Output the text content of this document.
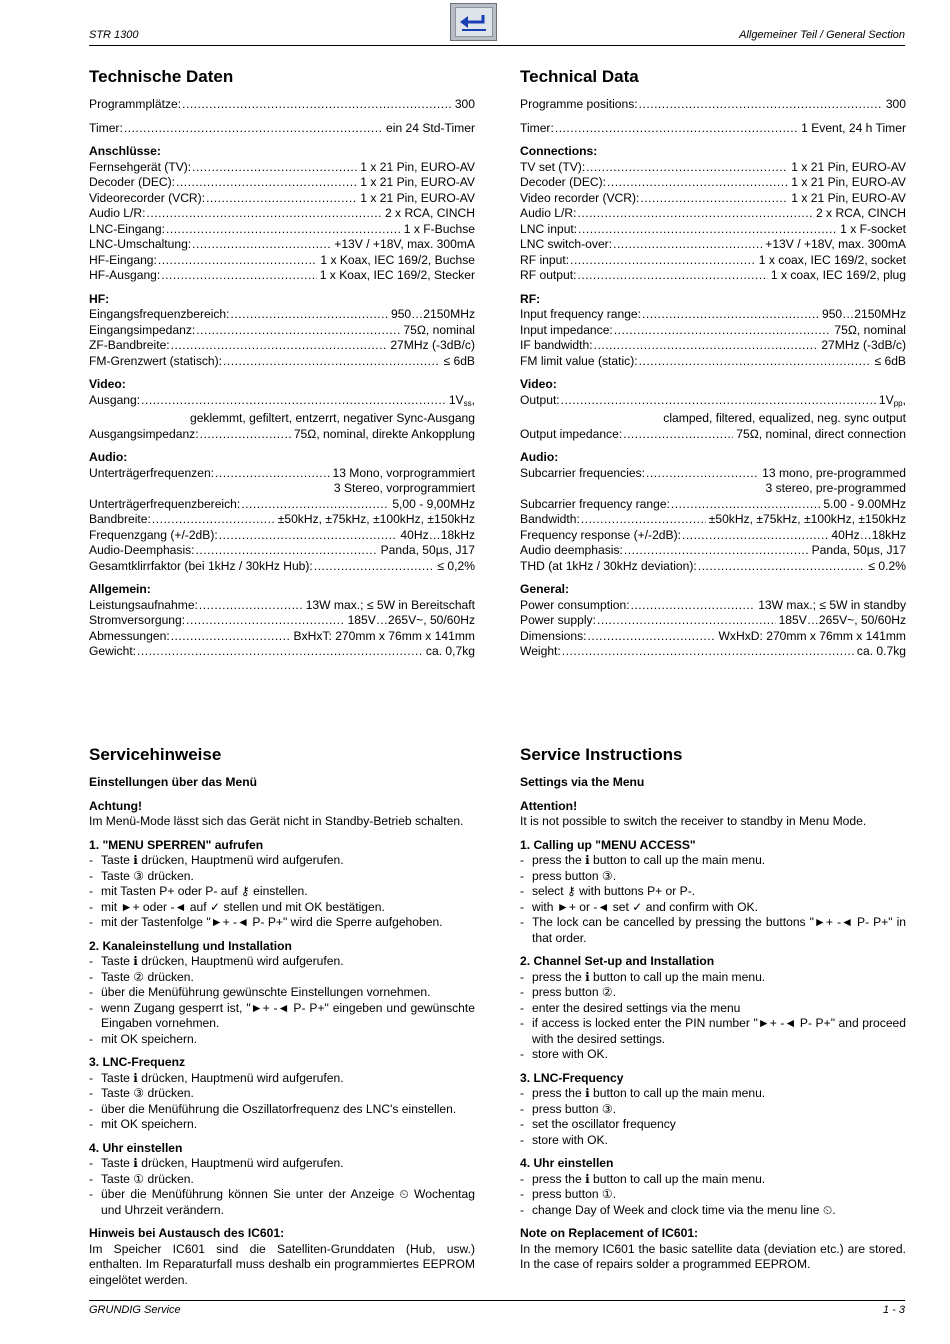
STR 1300	Allgemeiner Teil / General Section
Technische Daten
Programmplätze: .....	300
Timer: .....	ein 24 Std-Timer
Anschlüsse:
Fernsehgerät (TV): .....	1 x 21 Pin, EURO-AV
Decoder (DEC): .....	1 x 21 Pin, EURO-AV
Videorecorder (VCR): .....	1 x 21 Pin, EURO-AV
Audio L/R: .....	2 x RCA, CINCH
LNC-Eingang: .....	1 x F-Buchse
LNC-Umschaltung: .....	+13V / +18V, max. 300mA
HF-Eingang: .....	1 x Koax, IEC 169/2, Buchse
HF-Ausgang: .....	1 x Koax, IEC 169/2, Stecker
HF:
Eingangsfrequenzbereich: .....	950…2150MHz
Eingangsimpedanz: .....	75Ω, nominal
ZF-Bandbreite: .....	27MHz (-3dB/c)
FM-Grenzwert (statisch): .....	≤ 6dB
Video:
Ausgang: .....	$1V_{ss}$,
geklemmt, gefiltert, entzerrt, negativer Sync-Ausgang
Ausgangsimpedanz: .....	75Ω, nominal, direkte Ankopplung
Audio:
Unterträgerfrequenzen: .....	13 Mono, vorprogrammiert
3 Stereo, vorprogrammiert
Unterträgerfrequenzbereich: .....	5,00 - 9,00MHz
Bandbreite: .....	±50kHz, ±75kHz, ±100kHz, ±150kHz
Frequenzgang (+/-2dB): .....	40Hz…18kHz
Audio-Deemphasis: .....	Panda, 50µs, J17
Gesamtklirrfaktor (bei 1kHz / 30kHz Hub): .....	≤ 0,2%
Allgemein:
Leistungsaufnahme: .....	13W max.; ≤ 5W in Bereitschaft
Stromversorgung: .....	185V…265V~, 50/60Hz
Abmessungen: .....	BxHxT: 270mm x 76mm x 141mm
Gewicht: .....	ca. 0,7kg
Technical Data
Programme positions: .....	300
Timer: .....	1 Event, 24 h Timer
Connections:
TV set (TV): .....	1 x 21 Pin, EURO-AV
Decoder (DEC): .....	1 x 21 Pin, EURO-AV
Video recorder (VCR): .....	1 x 21 Pin, EURO-AV
Audio L/R: .....	2 x RCA, CINCH
LNC input: .....	1 x F-socket
LNC switch-over: .....	+13V / +18V, max. 300mA
RF input: .....	1 x coax, IEC 169/2, socket
RF output: .....	1 x coax, IEC 169/2, plug
RF:
Input frequency range: .....	950…2150MHz
Input impedance: .....	75Ω, nominal
IF bandwidth: .....	27MHz (-3dB/c)
FM limit value (static): .....	≤ 6dB
Video:
Output: .....	$1V_{pp}$,
clamped, filtered, equalized, neg. sync output
Output impedance: .....	75Ω, nominal, direct connection
Audio:
Subcarrier frequencies: .....	13 mono, pre-programmed
3 stereo, pre-programmed
Subcarrier frequency range: .....	5.00 - 9.00MHz
Bandwidth: .....	±50kHz, ±75kHz, ±100kHz, ±150kHz
Frequency response (+/-2dB): .....	40Hz…18kHz
Audio deemphasis: .....	Panda, 50µs, J17
THD (at 1kHz / 30kHz deviation): .....	≤ 0.2%
General:
Power consumption: .....	13W max.; ≤ 5W in standby
Power supply: .....	185V…265V~, 50/60Hz
Dimensions: .....	WxHxD: 270mm x 76mm x 141mm
Weight: .....	ca. 0.7kg
Servicehinweise

Einstellungen über das Menü

Achtung!

Im Menü-Mode lässt sich das Gerät nicht in Standby-Betrieb schalten.

1. "MENU SPERREN" aufrufen

- Taste ℹ drücken, Hauptmenü wird aufgerufen.
- Taste ③ drücken.
- mit Tasten P+ oder P- auf ⚷ einstellen.
- mit ►+ oder -◄ auf ✓ stellen und mit OK bestätigen.
- mit der Tastenfolge "►+ -◄ P- P+" wird die Sperre aufgehoben.

2. Kanaleinstellung und Installation

- Taste ℹ drücken, Hauptmenü wird aufgerufen.
- Taste ② drücken.
- über die Menüführung gewünschte Einstellungen vornehmen.
- wenn Zugang gesperrt ist, "►+ -◄ P- P+" eingeben und gewünschte Eingaben vornehmen.
- mit OK speichern.

3. LNC-Frequenz

- Taste ℹ drücken, Hauptmenü wird aufgerufen.
- Taste ③ drücken.
- über die Menüführung die Oszillatorfrequenz des LNC's einstellen.
- mit OK speichern.

4. Uhr einstellen

- Taste ℹ drücken, Hauptmenü wird aufgerufen.
- Taste ① drücken.
- über die Menüführung können Sie unter der Anzeige ⏲ Wochentag und Uhrzeit verändern.

Hinweis bei Austausch des IC601:

Im Speicher IC601 sind die Satelliten-Grunddaten (Hub, usw.) enthalten. Im Reparaturfall muss deshalb ein programmiertes EEPROM eingelötet werden.

Service Instructions

Settings via the Menu

Attention!

It is not possible to switch the receiver to standby in Menu Mode.

1. Calling up "MENU ACCESS"

- press the ℹ button to call up the main menu.
- press button ③.
- select ⚷ with buttons P+ or P-.
- with ►+ or -◄ set ✓ and confirm with OK.
- The lock can be cancelled by pressing the buttons "►+ -◄ P- P+" in that order.

2. Channel Set-up and Installation

- press the ℹ button to call up the main menu.
- press button ②.
- enter the desired settings via the menu
- if access is locked enter the PIN number "►+ -◄ P- P+" and proceed with the desired settings.
- store with OK.

3. LNC-Frequency

- press the ℹ button to call up the main menu.
- press button ③.
- set the oscillator frequency
- store with OK.

4. Uhr einstellen

- press the ℹ button to call up the main menu.
- press button ①.
- change Day of Week and clock time via the menu line ⏲.

Note on Replacement of IC601:

In the memory IC601 the basic satellite data (deviation etc.) are stored. In the case of repairs solder a programmed EEPROM.

GRUNDIG Service	1 - 3
